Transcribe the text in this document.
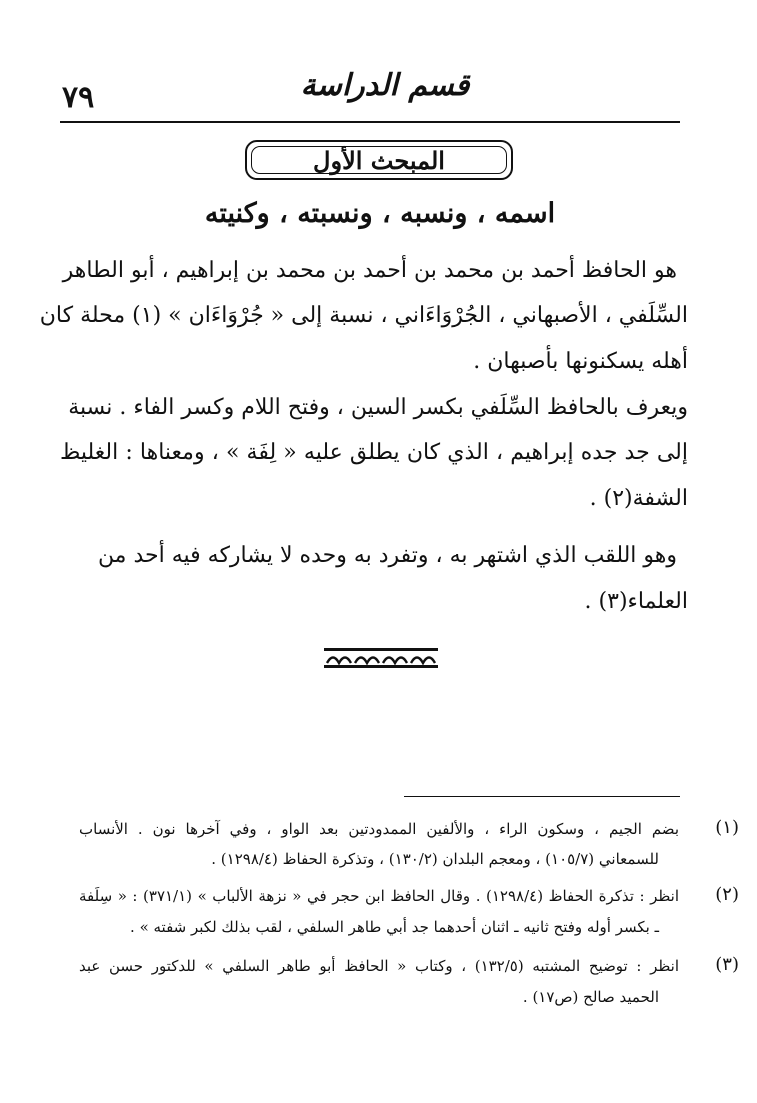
٧٩	قسم الدراسة
المبحث الأول
اسمه ، ونسبه ، ونسبته ، وكنيته
هو الحافظ أحمد بن محمد بن أحمد بن محمد بن إبراهيم ، أبو الطاهر
السِّلَفي ، الأصبهاني ، الجُرْوَاءَاني ، نسبة إلى « جُرْوَاءَان » (١) محلة كان
أهله يسكنونها بأصبهان .
ويعرف بالحافظ السِّلَفي بكسر السين ، وفتح اللام وكسر الفاء . نسبة
إلى جد جده إبراهيم ، الذي كان يطلق عليه « لِفَة » ، ومعناها : الغليظ
الشفة(٢) .
وهو اللقب الذي اشتهر به ، وتفرد به وحده لا يشاركه فيه أحد من
العلماء(٣) .
بضم الجيم ، وسكون الراء ، والألفين الممدودتين بعد الواو ، وفي آخرها نون . الأنساب	(١)
للسمعاني (١٠٥/٧) ، ومعجم البلدان (١٣٠/٢) ، وتذكرة الحفاظ (١٢٩٨/٤) .
انظر : تذكرة الحفاظ (١٢٩٨/٤) . وقال الحافظ ابن حجر في « نزهة الألباب » (٣٧١/١) : « سِلَفة	(٢)
ـ بكسر أوله وفتح ثانيه ـ اثنان أحدهما جد أبي طاهر السلفي ، لقب بذلك لكبر شفته » .
انظر : توضيح المشتبه (١٣٢/٥) ، وكتاب « الحافظ أبو طاهر السلفي » للدكتور حسن عبد	(٣)
الحميد صالح (ص١٧) .
